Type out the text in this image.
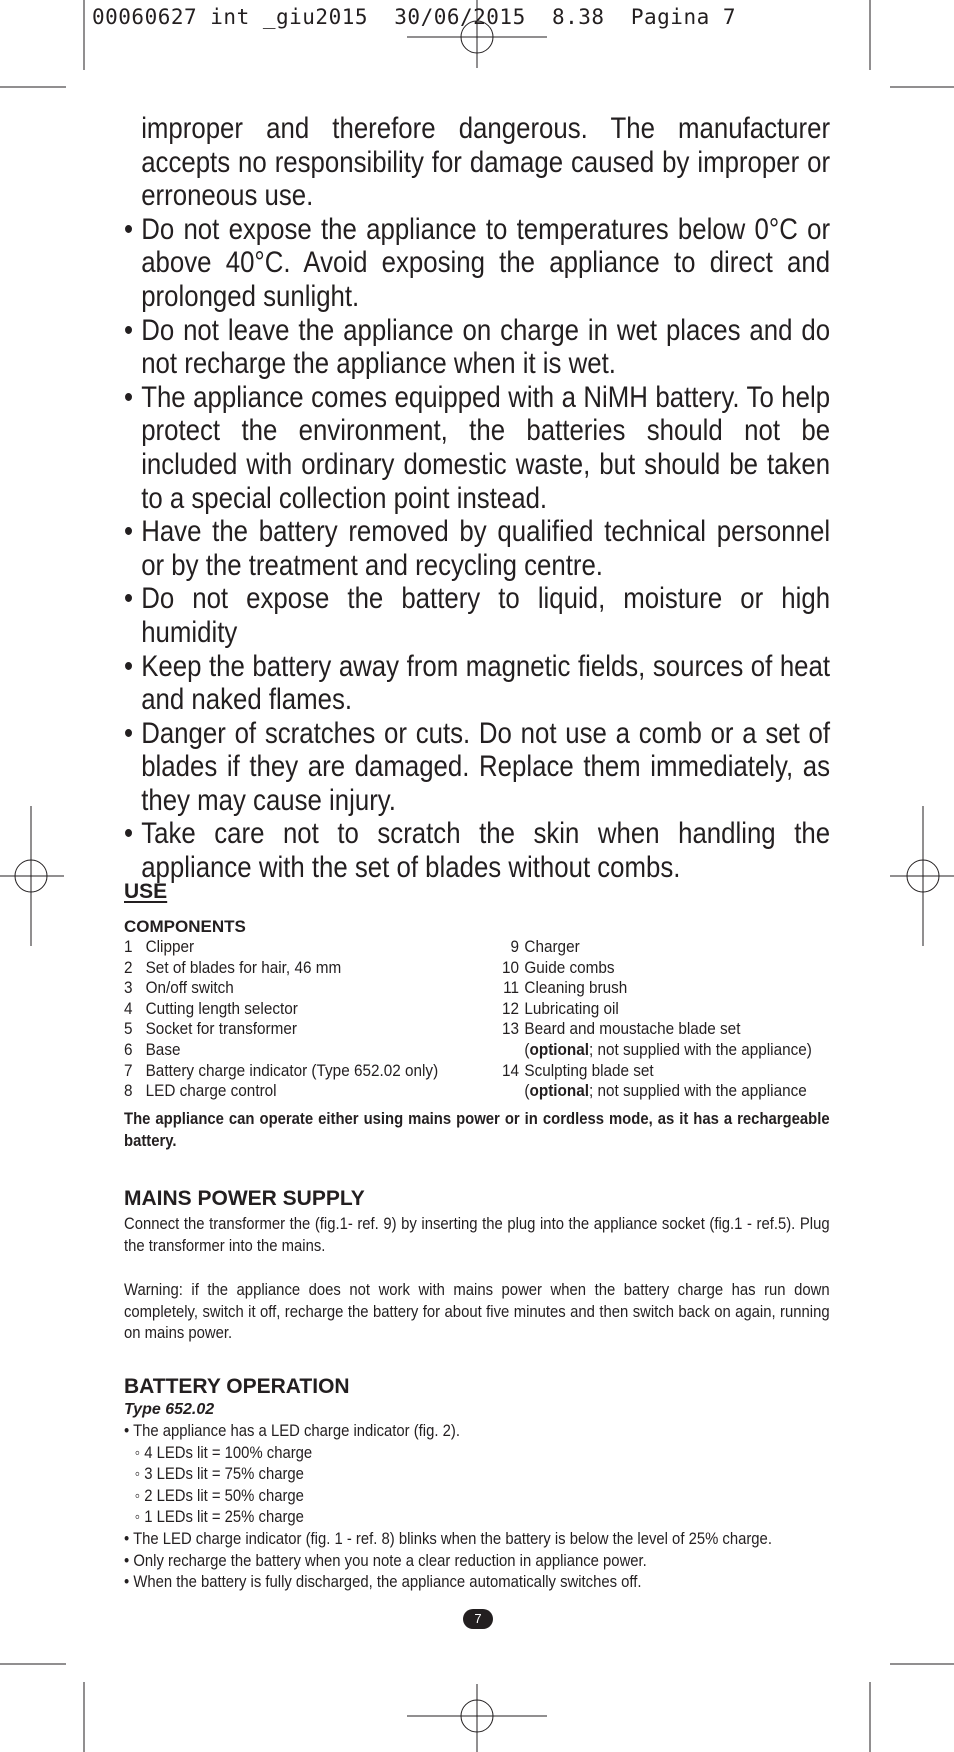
00060627 int _giu2015  30/06/2015  8.38  Pagina 7

improper and therefore dangerous. The manufacturer accepts no responsibility for damage caused by improper or erroneous use.

• Do not expose the appliance to temperatures below 0°C or above 40°C. Avoid exposing the appliance to direct and prolonged sunlight.

• Do not leave the appliance on charge in wet places and do not recharge the appliance when it is wet.

• The appliance comes equipped with a NiMH battery. To help protect the environment, the batteries should not be included with ordinary domestic waste, but should be taken to a special collection point instead.

• Have the battery removed by qualified technical personnel or by the treatment and recycling centre.

• Do not expose the battery to liquid, moisture or high humidity

• Keep the battery away from magnetic fields, sources of heat and naked flames.

• Danger of scratches or cuts. Do not use a comb or a set of blades if they are damaged. Replace them immediately, as they may cause injury.

• Take care not to scratch the skin when handling the appliance with the set of blades without combs.

USE
COMPONENTS
1 Clipper
2 Set of blades for hair, 46 mm
3 On/off switch
4 Cutting length selector
5 Socket for transformer
6 Base
7 Battery charge indicator (Type 652.02 only)
8 LED charge control
9 Charger
10 Guide combs
11 Cleaning brush
12 Lubricating oil
13 Beard and moustache blade set
(optional; not supplied with the appliance)
14 Sculpting blade set
(optional; not supplied with the appliance
The appliance can operate either using mains power or in cordless mode, as it has a rechargeable battery.
MAINS POWER SUPPLY
Connect the transformer the (fig.1- ref. 9) by inserting the plug into the appliance socket (fig.1 - ref.5). Plug the transformer into the mains.
Warning: if the appliance does not work with mains power when the battery charge has run down completely, switch it off, recharge the battery for about five minutes and then switch back on again, running on mains power.
BATTERY OPERATION
Type 652.02
• The appliance has a LED charge indicator (fig. 2).
◦ 4 LEDs lit = 100% charge
◦ 3 LEDs lit = 75% charge
◦ 2 LEDs lit = 50% charge
◦ 1 LEDs lit = 25% charge
• The LED charge indicator (fig. 1 - ref. 8) blinks when the battery is below the level of 25% charge.
• Only recharge the battery when you note a clear reduction in appliance power.
• When the battery is fully discharged, the appliance automatically switches off.
7
